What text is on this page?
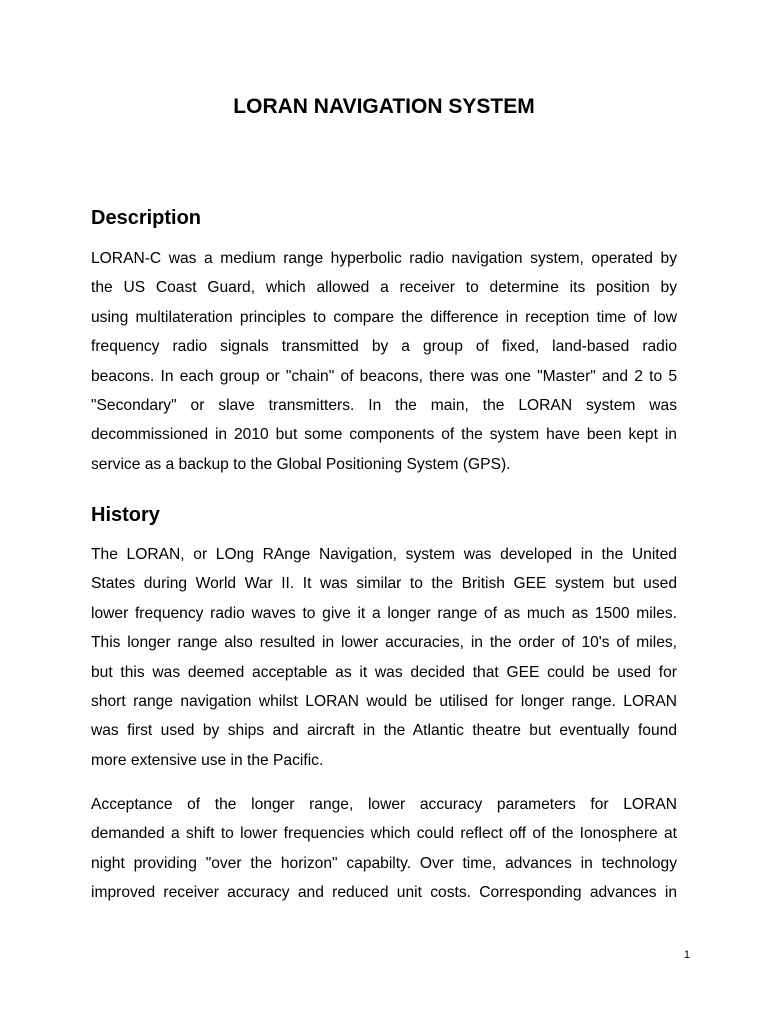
LORAN NAVIGATION SYSTEM
Description

LORAN-C was a medium range hyperbolic radio navigation system, operated by
the US Coast Guard, which allowed a receiver to determine its position by
using multilateration principles to compare the difference in reception time of low
frequency radio signals transmitted by a group of fixed, land-based radio
beacons. In each group or "chain" of beacons, there was one "Master" and 2 to 5
"Secondary" or slave transmitters. In the main, the LORAN system was
decommissioned in 2010 but some components of the system have been kept in
service as a backup to the Global Positioning System (GPS).

History

The LORAN, or LOng RAnge Navigation, system was developed in the United
States during World War II. It was similar to the British GEE system but used
lower frequency radio waves to give it a longer range of as much as 1500 miles.
This longer range also resulted in lower accuracies, in the order of 10's of miles,
but this was deemed acceptable as it was decided that GEE could be used for
short range navigation whilst LORAN would be utilised for longer range. LORAN
was first used by ships and aircraft in the Atlantic theatre but eventually found
more extensive use in the Pacific.

Acceptance of the longer range, lower accuracy parameters for LORAN
demanded a shift to lower frequencies which could reflect off of the Ionosphere at
night providing "over the horizon" capabilty. Over time, advances in technology
improved receiver accuracy and reduced unit costs. Corresponding advances in

1
